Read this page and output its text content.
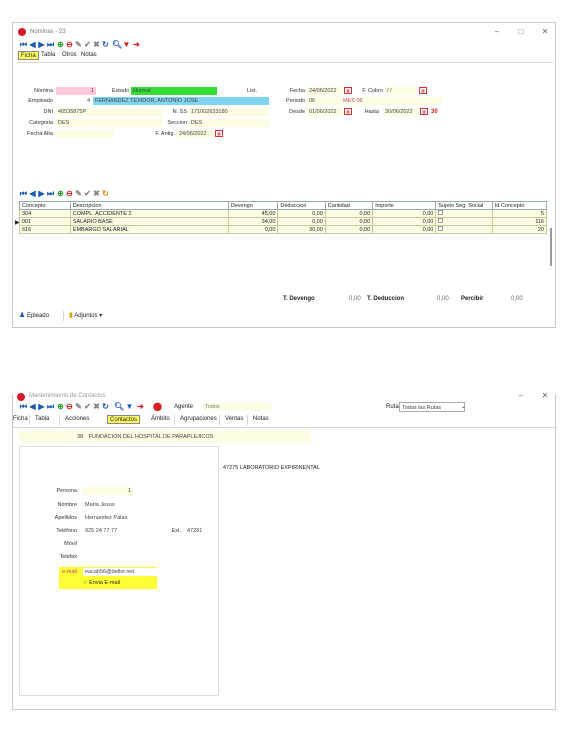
Nominas - 23	–	□	✕
⏮ ◀ ▶ ⏭ ⊕ ⊖ ✎ ✔ ✖ ↻ 🔍︎ ▼ ➜
Ficha Tabla	Otros Notas
Nómina	1	Estado Normal	List.	Fecha 24/06/2022	▦	F. Cobro / /	▦
Empleado	4 FERNANDEZ TEXIDOR, ANTONIO JOSE	Periodo 06	MES 06
DNI 40535875P	N. SS 171002633180	Desde 01/06/2022	▦	Hasta	30/06/2022	▦ 30
Categoria DES	Seccion DES
Fecha Alta	F. Antig. 24/06/2022	▦
⏮ ◀ ▶ ⏭ ⊕ ⊖ ✎ ✔ ✖ ↻
Concepto	Descripcion	Devengo	Deduccion	Cantidad	Importe	Sujeto Seg. Social	Id Concepto
304	COMPL. ACCIDENTE 2	45,00	0,00	0,00	0,00		5
001	SALARIO BASE	34,00	0,00	0,00	0,00		116
616	EMBARGO SALARIAL	0,00	30,00	0,00	0,00		20
▶
T. Devengo	0,00 T. Deduccion	0,00 Percibir	0,00
♟ Epleado	▮ Adjuntos ▾
Mantenimiento de Contactos	–	✕
⏮ ◀ ▶ ⏭ ⊕ ⊖ ✎ ✔ ✖ ↻ 🔍︎ ▼ ➜ ⬤ Agente	Todos	Ruta Todas las Rutas	⌄
Ficha Tabla	Acciones	Contactos	Ámbito Agrupaciones Ventas Notas
38 FUNDACION DEL HOSPITAL DE PARAPLEJICOS
47275 LABORATORIO EXPIRINENTAL
Persona	1
Nombre	Maria Jesus
Apellidos	Hernandez Palao
Teléfono	925 24 77 77	Ext.	47281
Móvil
Telefax
e-mail	eacah56@dellor.net
✓ Envia E-mail
